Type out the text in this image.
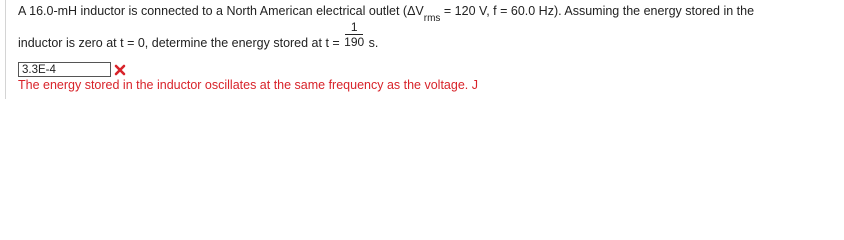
A 16.0-mH inductor is connected to a North American electrical outlet ($\Delta V_{rms} = 120$ V, f = 60.0 Hz). Assuming the energy stored in the
inductor is zero at t = 0, determine the energy stored at $t = \frac{1}{190} s$.
3.3E-4
The energy stored in the inductor oscillates at the same frequency as the voltage. J
